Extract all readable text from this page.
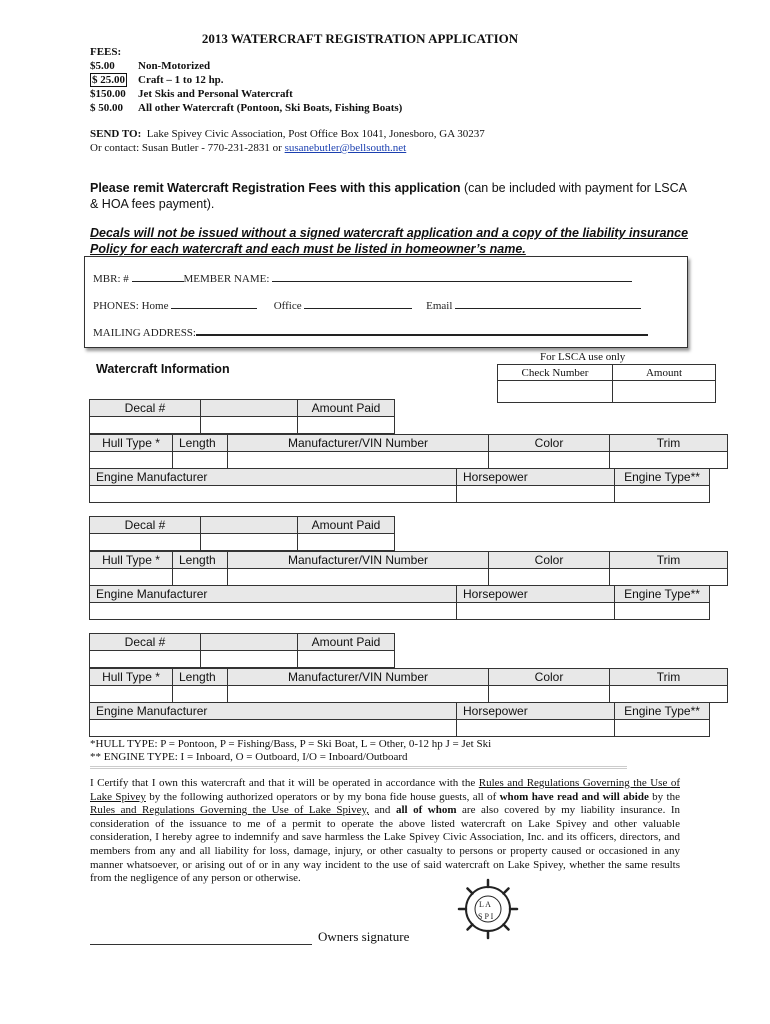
2013 WATERCRAFT REGISTRATION APPLICATION
FEES:
$5.00	Non-Motorized
$ 25.00	Craft – 1 to 12 hp.
$150.00	Jet Skis and Personal Watercraft
$ 50.00	All other Watercraft (Pontoon, Ski Boats, Fishing Boats)
SEND TO: Lake Spivey Civic Association, Post Office Box 1041, Jonesboro, GA 30237
Or contact: Susan Butler - 770-231-2831 or susanebutler@bellsouth.net
Please remit Watercraft Registration Fees with this application (can be included with payment for LSCA & HOA fees payment).
Decals will not be issued without a signed watercraft application and a copy of the liability insurance Policy for each watercraft and each must be listed in homeowner’s name.
MBR: #	MEMBER NAME:
PHONES: Home	Office	Email
MAILING ADDRESS:
For LSCA use only
Check Number	Amount

Watercraft Information
Decal #		Amount Paid

Hull Type *	Length	Manufacturer/VIN Number	Color	Trim

Engine Manufacturer	Horsepower	Engine Type**

Decal #		Amount Paid

Hull Type *	Length	Manufacturer/VIN Number	Color	Trim

Engine Manufacturer	Horsepower	Engine Type**

Decal #		Amount Paid

Hull Type *	Length	Manufacturer/VIN Number	Color	Trim

Engine Manufacturer	Horsepower	Engine Type**

*HULL TYPE: P = Pontoon, P = Fishing/Bass, P = Ski Boat, L = Other, 0-12 hp J = Jet Ski
** ENGINE TYPE: I = Inboard, O = Outboard, I/O = Inboard/Outboard
I Certify that I own this watercraft and that it will be operated in accordance with the Rules and Regulations Governing the Use of Lake Spivey by the following authorized operators or by my bona fide house guests, all of whom have read and will abide by the Rules and Regulations Governing the Use of Lake Spivey, and all of whom are also covered by my liability insurance. In consideration of the issuance to me of a permit to operate the above listed watercraft on Lake Spivey and other valuable consideration, I hereby agree to indemnify and save harmless the Lake Spivey Civic Association, Inc. and its officers, directors, and members from any and all liability for loss, damage, injury, or other casualty to persons or property caused or occasioned in any manner whatsoever, or arising out of or in any way incident to the use of said watercraft on Lake Spivey, whether the same results from the negligence of any person or otherwise.
L A
S P I
Owners signature
